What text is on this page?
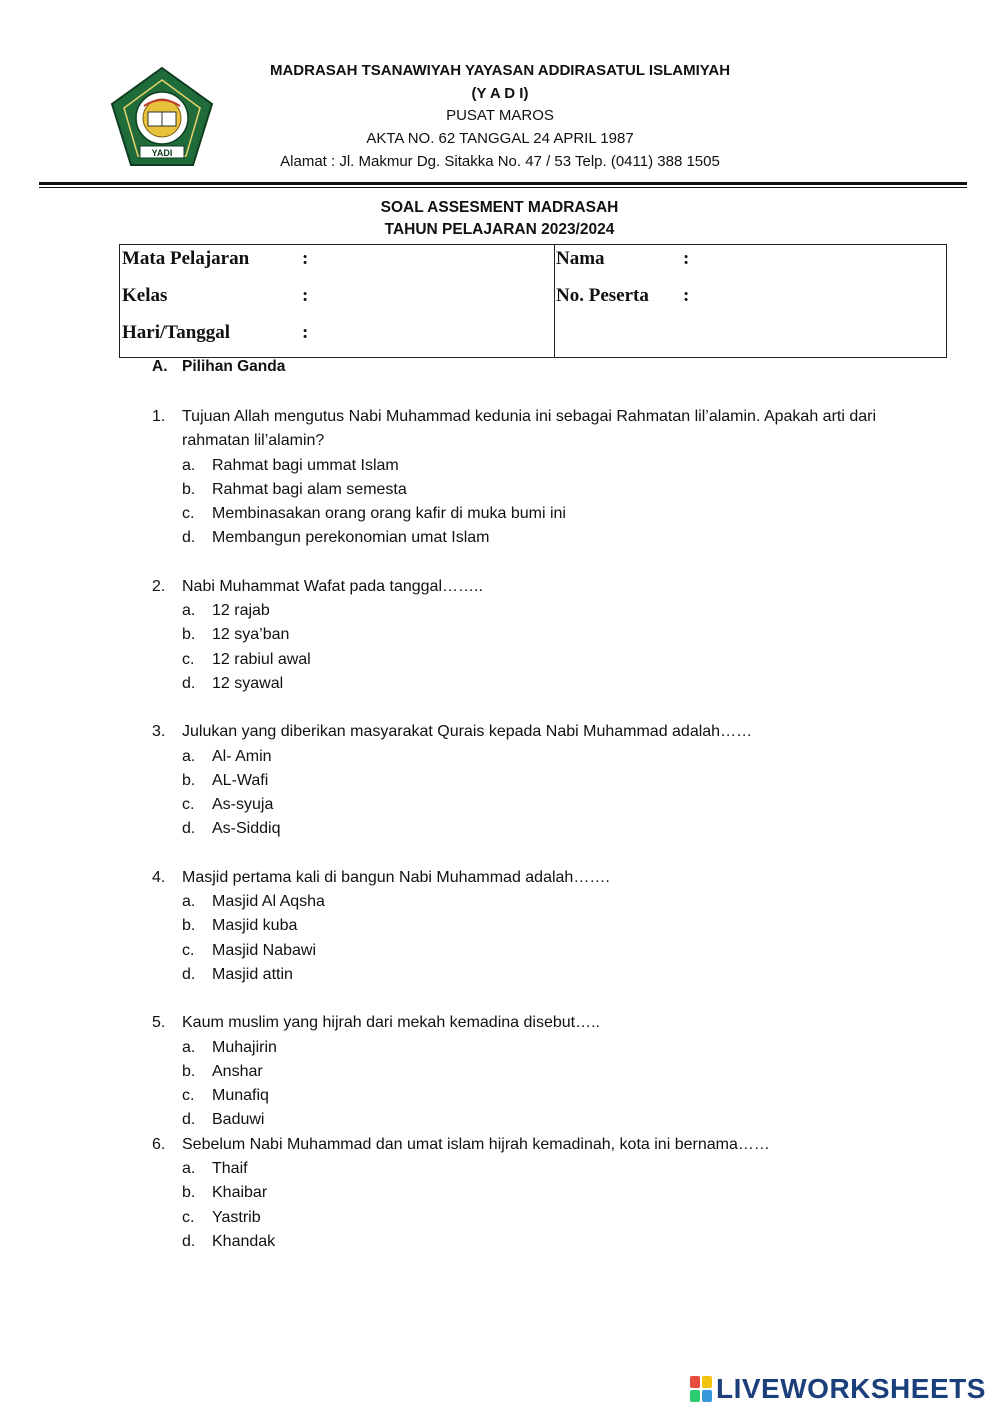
YADI
MADRASAH TSANAWIYAH YAYASAN ADDIRASATUL ISLAMIYAH
(Y A D I)
PUSAT MAROS
AKTA NO. 62 TANGGAL 24 APRIL 1987
Alamat : Jl. Makmur Dg. Sitakka No. 47 / 53 Telp. (0411) 388 1505
SOAL ASSESMENT MADRASAH
TAHUN PELAJARAN 2023/2024
Mata Pelajaran	:
Kelas	:
Hari/Tanggal	:
Nama	:
No. Peserta :
A. Pilihan Ganda
1.	Tujuan Allah mengutus Nabi Muhammad kedunia ini sebagai Rahmatan lil’alamin. Apakah arti dari rahmatan lil’alamin?
a.	Rahmat bagi ummat Islam
b.	Rahmat bagi alam semesta
c.	Membinasakan orang orang kafir di muka bumi ini
d.	Membangun perekonomian umat Islam
2.	Nabi Muhammat Wafat pada tanggal……..
a.	12 rajab
b.	12 sya’ban
c.	12 rabiul awal
d.	12 syawal
3.	Julukan yang diberikan masyarakat Qurais kepada Nabi Muhammad adalah……
a.	Al- Amin
b.	AL-Wafi
c.	As-syuja
d.	As-Siddiq
4.	Masjid pertama kali di bangun Nabi Muhammad adalah…….
a.	Masjid Al Aqsha
b.	Masjid kuba
c.	Masjid Nabawi
d.	Masjid attin
5.	Kaum muslim yang hijrah dari mekah kemadina disebut…..
a.	Muhajirin
b.	Anshar
c.	Munafiq
d.	Baduwi
6.	Sebelum Nabi Muhammad dan umat islam hijrah kemadinah, kota ini bernama……
a.	Thaif
b.	Khaibar
c.	Yastrib
d.	Khandak
LIVEWORKSHEETS
